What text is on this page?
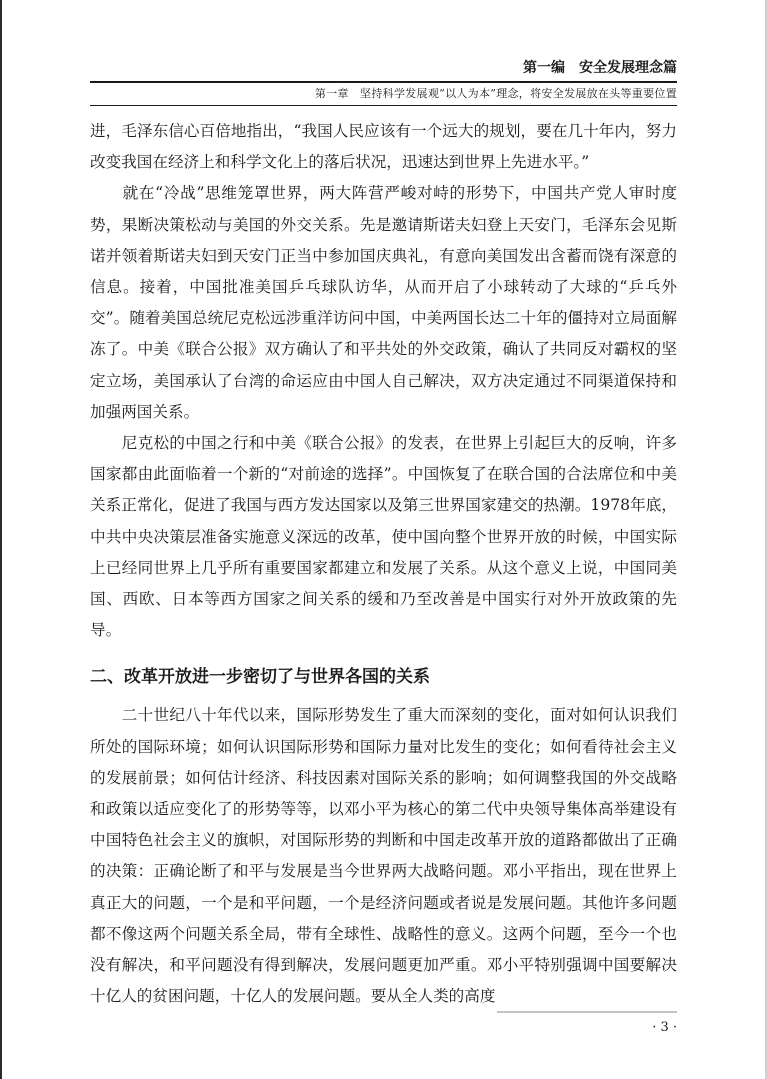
第一编　安全发展理念篇
第一章　坚持科学发展观“以人为本”理念，将安全发展放在头等重要位置

进，毛泽东信心百倍地指出，“我国人民应该有一个远大的规划，要在几十年内，努力改变我国在经济上和科学文化上的落后状况，迅速达到世界上先进水平。”

　　就在“冷战”思维笼罩世界，两大阵营严峻对峙的形势下，中国共产党人审时度势，果断决策松动与美国的外交关系。先是邀请斯诺夫妇登上天安门，毛泽东会见斯诺并领着斯诺夫妇到天安门正当中参加国庆典礼，有意向美国发出含蓄而饶有深意的信息。接着，中国批准美国乒乓球队访华，从而开启了小球转动了大球的“乒乓外交”。随着美国总统尼克松远涉重洋访问中国，中美两国长达二十年的僵持对立局面解冻了。中美《联合公报》双方确认了和平共处的外交政策，确认了共同反对霸权的坚定立场，美国承认了台湾的命运应由中国人自己解决，双方决定通过不同渠道保持和加强两国关系。

　　尼克松的中国之行和中美《联合公报》的发表，在世界上引起巨大的反响，许多国家都由此面临着一个新的“对前途的选择”。中国恢复了在联合国的合法席位和中美关系正常化，促进了我国与西方发达国家以及第三世界国家建交的热潮。1978年底，中共中央决策层准备实施意义深远的改革，使中国向整个世界开放的时候，中国实际上已经同世界上几乎所有重要国家都建立和发展了关系。从这个意义上说，中国同美国、西欧、日本等西方国家之间关系的缓和乃至改善是中国实行对外开放政策的先导。

二、改革开放进一步密切了与世界各国的关系

　　二十世纪八十年代以来，国际形势发生了重大而深刻的变化，面对如何认识我们所处的国际环境；如何认识国际形势和国际力量对比发生的变化；如何看待社会主义的发展前景；如何估计经济、科技因素对国际关系的影响；如何调整我国的外交战略和政策以适应变化了的形势等等，以邓小平为核心的第二代中央领导集体高举建设有中国特色社会主义的旗帜，对国际形势的判断和中国走改革开放的道路都做出了正确的决策：正确论断了和平与发展是当今世界两大战略问题。邓小平指出，现在世界上真正大的问题，一个是和平问题，一个是经济问题或者说是发展问题。其他许多问题都不像这两个问题关系全局，带有全球性、战略性的意义。这两个问题，至今一个也没有解决，和平问题没有得到解决，发展问题更加严重。邓小平特别强调中国要解决十亿人的贫困问题，十亿人的发展问题。要从全人类的高度

· 3 ·
